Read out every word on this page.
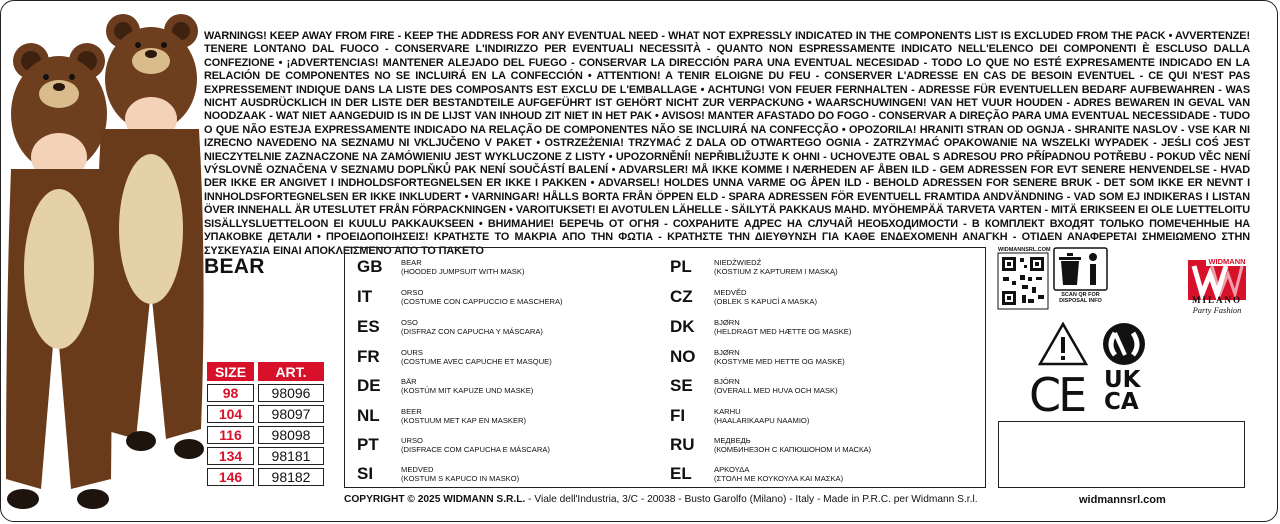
WARNINGS! KEEP AWAY FROM FIRE - KEEP THE ADDRESS FOR ANY EVENTUAL NEED - WHAT NOT EXPRESSLY INDICATED IN THE COMPONENTS LIST IS EXCLUDED FROM THE PACK • AVVERTENZE! TENERE LONTANO DAL FUOCO - CONSERVARE L'INDIRIZZO PER EVENTUALI NECESSITÀ - QUANTO NON ESPRESSAMENTE INDICATO NELL'ELENCO DEI COMPONENTI È ESCLUSO DALLA CONFEZIONE • ¡ADVERTENCIAS! MANTENER ALEJADO DEL FUEGO - CONSERVAR LA DIRECCIÓN PARA UNA EVENTUAL NECESIDAD - TODO LO QUE NO ESTÉ EXPRESAMENTE INDICADO EN LA RELACIÓN DE COMPONENTES NO SE INCLUIRÁ EN LA CONFECCIÓN • ATTENTION! A TENIR ELOIGNE DU FEU - CONSERVER L'ADRESSE EN CAS DE BESOIN EVENTUEL - CE QUI N'EST PAS EXPRESSEMENT INDIQUE DANS LA LISTE DES COMPOSANTS EST EXCLU DE L'EMBALLAGE • ACHTUNG! VON FEUER FERNHALTEN - ADRESSE FÜR EVENTUELLEN BEDARF AUFBEWAHREN - WAS NICHT AUSDRÜCKLICH IN DER LISTE DER BESTANDTEILE AUFGEFÜHRT IST GEHÖRT NICHT ZUR VERPACKUNG • WAARSCHUWINGEN! VAN HET VUUR HOUDEN - ADRES BEWAREN IN GEVAL VAN NOODZAAK - WAT NIET AANGEDUID IS IN DE LIJST VAN INHOUD ZIT NIET IN HET PAK • AVISOS! MANTER AFASTADO DO FOGO - CONSERVAR A DIREÇÃO PARA UMA EVENTUAL NECESSIDADE - TUDO O QUE NÃO ESTEJA EXPRESSAMENTE INDICADO NA RELAÇÃO DE COMPONENTES NÃO SE INCLUIRÁ NA CONFECÇÃO • OPOZORILA! HRANITI STRAN OD OGNJA - SHRANITE NASLOV - VSE KAR NI IZRECNO NAVEDENO NA SEZNAMU NI VKLJUČENO V PAKET • OSTRZEŻENIA! TRZYMAĆ Z DALA OD OTWARTEGO OGNIA - ZATRZYMAĆ OPAKOWANIE NA WSZELKI WYPADEK - JEŚLI COŚ JEST NIECZYTELNIE ZAZNACZONE NA ZAMÓWIENIU JEST WYKLUCZONE Z LISTY • UPOZORNĚNÍ! NEPŘIBLIŽUJTE K OHNI - UCHOVEJTE OBAL S ADRESOU PRO PŘÍPADNOU POTŘEBU - POKUD VĚC NENÍ VÝSLOVNĚ OZNAČENA V SEZNAMU DOPLŇKŮ PAK NENÍ SOUČÁSTÍ BALENÍ • ADVARSLER! MÅ IKKE KOMME I NÆRHEDEN AF ÅBEN ILD - GEM ADRESSEN FOR EVT SENERE HENVENDELSE - HVAD DER IKKE ER ANGIVET I INDHOLDSFORTEGNELSEN ER IKKE I PAKKEN • ADVARSEL! HOLDES UNNA VARME OG ÅPEN ILD - BEHOLD ADRESSEN FOR SENERE BRUK - DET SOM IKKE ER NEVNT I INNHOLDSFORTEGNELSEN ER IKKE INKLUDERT • VARNINGAR! HÅLLS BORTA FRÅN ÖPPEN ELD - SPARA ADRESSEN FÖR EVENTUELL FRAMTIDA ANDVÄNDNING - VAD SOM EJ INDIKERAS I LISTAN ÖVER INNEHALL ÄR UTESLUTET FRÅN FÖRPACKNINGEN • VAROITUKSET! EI AVOTULEN LÄHELLE - SÄILYTÄ PAKKAUS MAHD. MYÖHEMPÄÄ TARVETA VARTEN - MITÄ ERIKSEEN EI OLE LUETTELOITU SISÄLLYSLUETTELOON EI KUULU PAKKAUKSEEN • ВНИМАНИЕ! БЕРЕЧЬ ОТ ОГНЯ - СОХРАНИТЕ АДРЕС НА СЛУЧАЙ НЕОБХОДИМОСТИ - В КОМПЛЕКТ ВХОДЯТ ТОЛЬКО ПОМЕЧЕННЫЕ НА УПАКОВКЕ ДЕТАЛИ • ΠΡΟΕΙΔΟΠΟΙΗΣΕΙΣ! ΚΡΑΤΗΣΤΕ ΤΟ ΜΑΚΡΙΑ ΑΠΟ ΤΗΝ ΦΩΤΙΑ - ΚΡΑΤΗΣΤΕ ΤΗΝ ΔΙΕΥΘΥΝΣΗ ΓΙΑ ΚΑΘΕ ΕΝΔΕΧΟΜΕΝΗ ΑΝΑΓΚΗ - ΟΤΙΔΕΝ ΑΝΑΦΕΡΕΤΑΙ ΣΗΜΕΙΩΜΕΝΟ ΣΤΗΝ ΣΥΣΚΕΥΑΣΙΑ ΕΙΝΑΙ ΑΠΟΚΛΕΙΣΜΕΝΟ ΑΠΟ ΤΟ ΠΑΚΕΤΟ
BEAR
SIZE	ART.
98	98096
104	98097
116	98098
134	98181
146	98182
GB	BEAR
(HOODED JUMPSUIT WITH MASK)
IT	ORSO
(COSTUME CON CAPPUCCIO E MASCHERA)
ES	OSO
(DISFRAZ CON CAPUCHA Y MÁSCARA)
FR	OURS
(COSTUME AVEC CAPUCHE ET MASQUE)
DE	BÄR
(KOSTÜM MIT KAPUZE UND MASKE)
NL	BEER
(KOSTUUM MET KAP EN MASKER)
PT	URSO
(DISFRACE COM CAPUCHA E MÁSCARA)
SI	MEDVED
(KOSTUM S KAPUCO IN MASKO)
PL	NIEDŹWIEDŹ
(KOSTIUM Z KAPTUREM I MASKĄ)
CZ	MEDVĚD
(OBLEK S KAPUCÍ A MASKA)
DK	BJØRN
(HELDRAGT MED HÆTTE OG MASKE)
NO	BJØRN
(KOSTYME MED HETTE OG MASKE)
SE	BJÖRN
(OVERALL MED HUVA OCH MASK)
FI	KARHU
(HAALARIKAAPU NAAMIO)
RU	МЕДВЕДЬ
(КОМБИНЕЗОН С КАПЮШОНОМ И МАСКА)
EL	ΑΡΚΟΥΔΑ
(ΣΤΟΛΗ ΜΕ ΚΟΥΚΟΥΛΑ ΚΑΙ ΜΑΣΚΑ)
COPYRIGHT © 2025 WIDMANN S.R.L. - Viale dell'Industria, 3/C - 20038 - Busto Garolfo (Milano) - Italy - Made in P.R.C. per Widmann S.r.l.	widmannsrl.com
WIDMANNSRL.COM
SCAN QR FOR
DISPOSAL INFO
WIDMANN
MILANO
Party Fashion
CE UK
CA
